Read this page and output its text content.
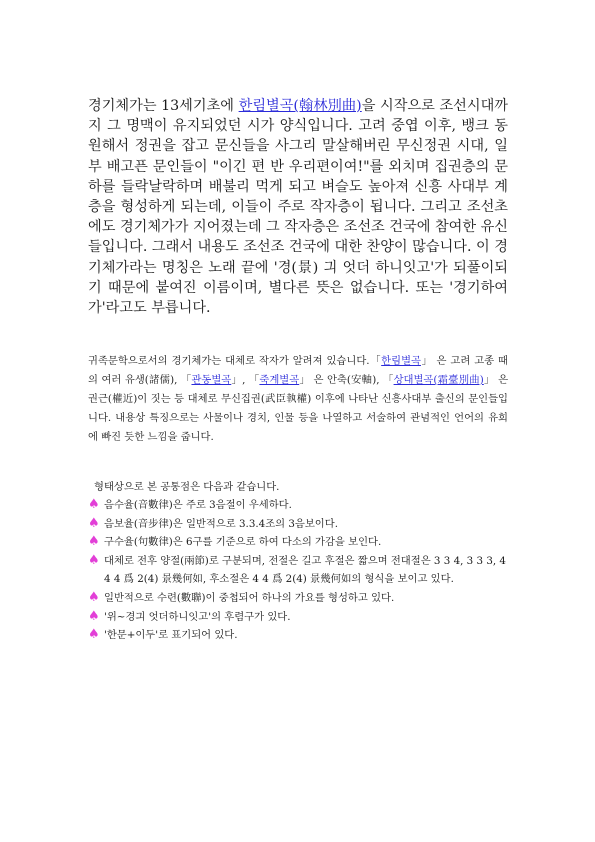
경기체가는 13세기초에 한림별곡(翰林別曲)을 시작으로 조선시대까지 그 명맥이 유지되었던 시가 양식입니다. 고려 중엽 이후, 뱅크 동원해서 정권을 잡고 문신들을 사그리 말살해버린 무신정권 시대, 일부 배고픈 문인들이 "이긴 편 반 우리편이여!"를 외치며 집권층의 문하를 들락날락하며 배불리 먹게 되고 벼슬도 높아져 신흥 사대부 계층을 형성하게 되는데, 이들이 주로 작자층이 됩니다. 그리고 조선초에도 경기체가가 지어졌는데 그 작자층은 조선조 건국에 참여한 유신들입니다. 그래서 내용도 조선조 건국에 대한 찬양이 많습니다. 이 경기체가라는 명칭은 노래 끝에 '경(景) 긔 엇더 하니잇고'가 되풀이되기 때문에 붙여진 이름이며, 별다른 뜻은 없습니다. 또는 '경기하여가'라고도 부릅니다.

귀족문학으로서의 경기체가는 대체로 작자가 알려져 있습니다.「한림별곡」 은 고려 고종 때의 여러 유생(諸儒), 「관동별곡」, 「죽계별곡」 은 안축(安軸), 「상대별곡(霜臺別曲)」 은 권근(權近)이 짓는 등 대체로 무신집권(武臣執權) 이후에 나타난 신흥사대부 출신의 문인들입니다. 내용상 특징으로는 사물이나 경치, 인물 등을 나열하고 서술하여 관념적인 언어의 유희에 빠진 듯한 느낌을 줍니다.

형태상으로 본 공통점은 다음과 같습니다.

♠ 음수율(音數律)은 주로 3음절이 우세하다.
♠ 음보율(音步律)은 일반적으로 3.3.4조의 3음보이다.
♠ 구수율(句數律)은 6구를 기준으로 하여 다소의 가감을 보인다.
♠ 대체로 전후 양절(兩節)로 구분되며, 전절은 길고 후절은 짧으며 전대절은 3 3 4, 3 3 3, 4 4 4 爲 2(4) 景幾何如, 후소절은 4 4 爲 2(4) 景幾何如의 형식을 보이고 있다.
♠ 일반적으로 수련(數聯)이 중첩되어 하나의 가요를 형성하고 있다.
♠ '위~경긔 엇더하니잇고'의 후렴구가 있다.
♠ '한문+이두'로 표기되어 있다.
